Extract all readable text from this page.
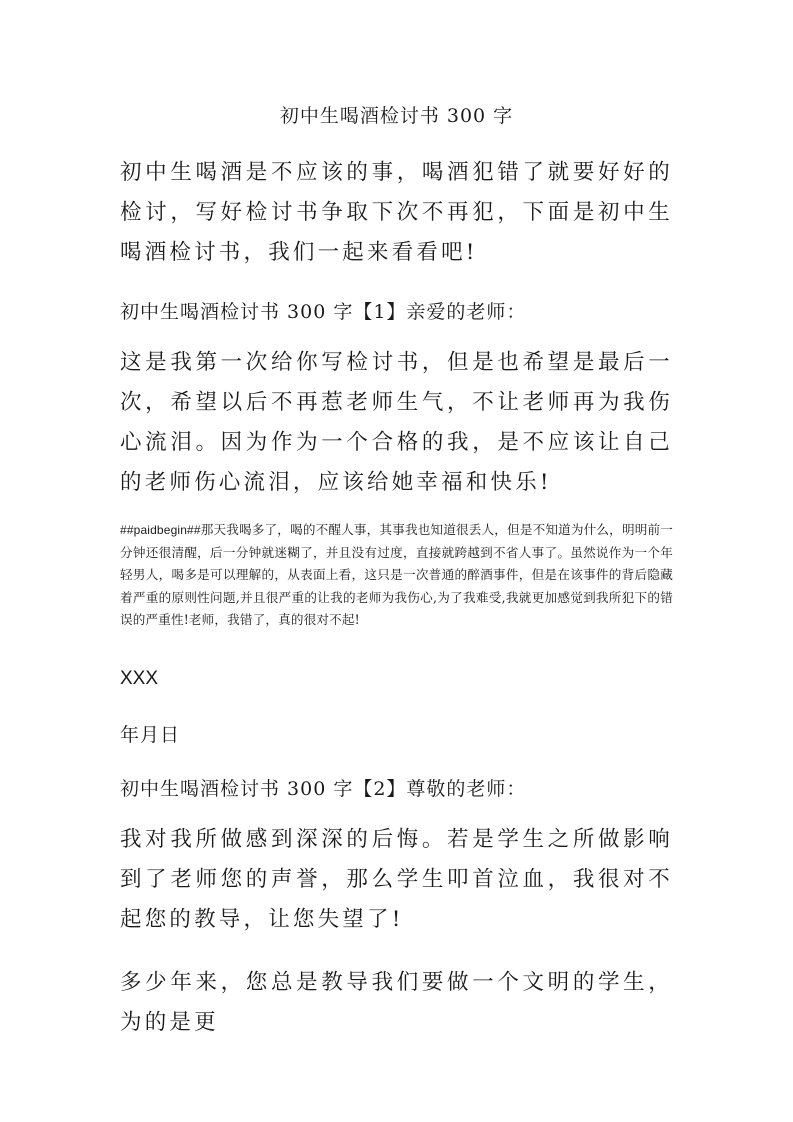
初中生喝酒检讨书 300 字

初中生喝酒是不应该的事，喝酒犯错了就要好好的检讨，写好检讨书争取下次不再犯，下面是初中生喝酒检讨书，我们一起来看看吧!

初中生喝酒检讨书 300 字【1】亲爱的老师：

这是我第一次给你写检讨书，但是也希望是最后一次，希望以后不再惹老师生气，不让老师再为我伤心流泪。因为作为一个合格的我，是不应该让自己的老师伤心流泪，应该给她幸福和快乐!

##paidbegin##那天我喝多了，喝的不醒人事，其事我也知道很丢人，但是不知道为什么，明明前一分钟还很清醒，后一分钟就迷糊了，并且没有过度，直接就跨越到不省人事了。虽然说作为一个年轻男人，喝多是可以理解的，从表面上看，这只是一次普通的醉酒事件，但是在该事件的背后隐藏着严重的原则性问题,并且很严重的让我的老师为我伤心,为了我难受,我就更加感觉到我所犯下的错误的严重性!老师，我错了，真的很对不起!

XXX

年月日

初中生喝酒检讨书 300 字【2】尊敬的老师：

我对我所做感到深深的后悔。若是学生之所做影响到了老师您的声誉，那么学生叩首泣血，我很对不起您的教导，让您失望了!

多少年来，您总是教导我们要做一个文明的学生，为的是更
